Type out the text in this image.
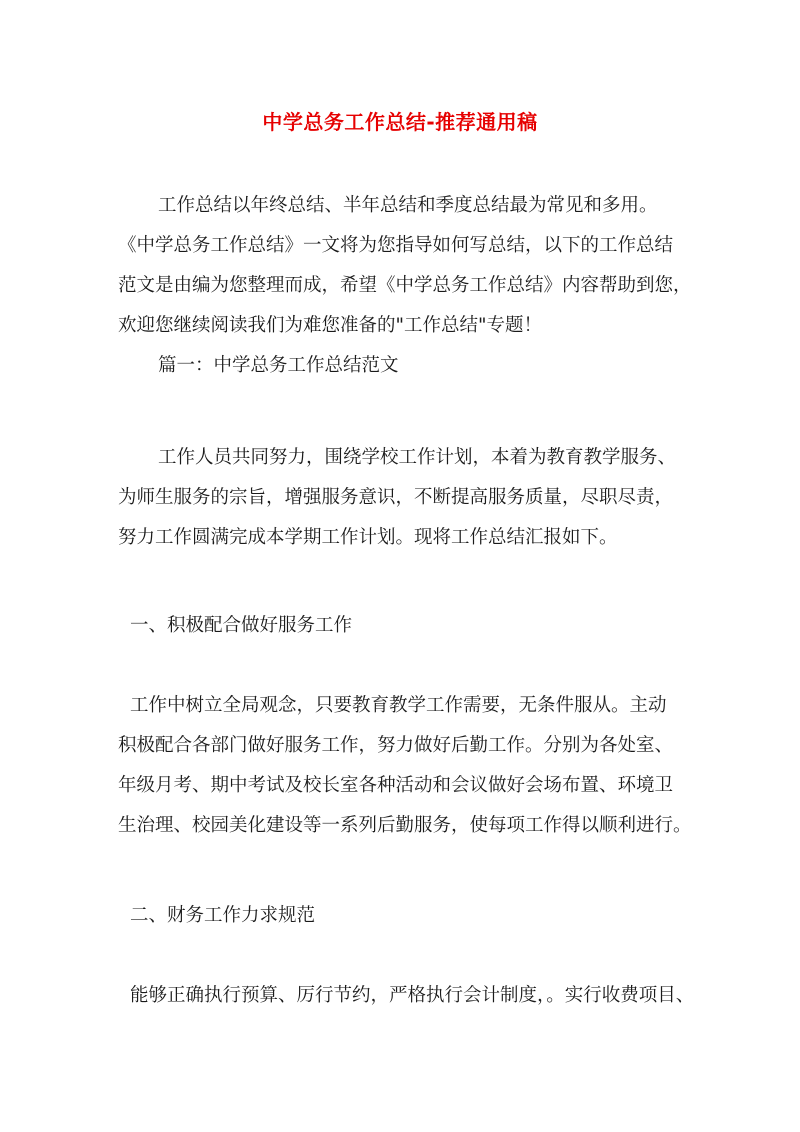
中学总务工作总结-推荐通用稿
工作总结以年终总结、半年总结和季度总结最为常见和多用。
《中学总务工作总结》一文将为您指导如何写总结，以下的工作总结
范文是由编为您整理而成，希望《中学总务工作总结》内容帮助到您，
欢迎您继续阅读我们为难您准备的"工作总结"专题！
篇一：中学总务工作总结范文
工作人员共同努力，围绕学校工作计划，本着为教育教学服务、
为师生服务的宗旨，增强服务意识，不断提高服务质量，尽职尽责，
努力工作圆满完成本学期工作计划。现将工作总结汇报如下。
一、积极配合做好服务工作
工作中树立全局观念，只要教育教学工作需要，无条件服从。主动
积极配合各部门做好服务工作，努力做好后勤工作。分别为各处室、
年级月考、期中考试及校长室各种活动和会议做好会场布置、环境卫
生治理、校园美化建设等一系列后勤服务，使每项工作得以顺利进行。
二、财务工作力求规范
能够正确执行预算、厉行节约，严格执行会计制度，。实行收费项目、
